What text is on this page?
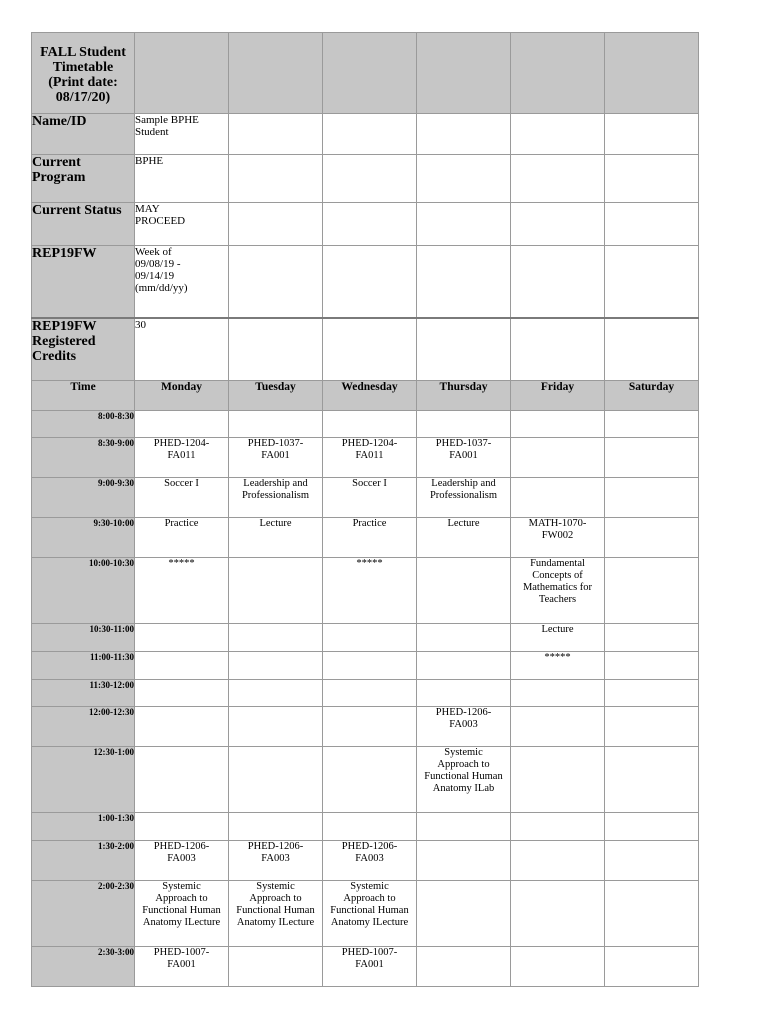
FALL Student
Timetable
(Print date:
08/17/20)						
Name/ID	Sample BPHE
Student					
Current
Program	BPHE					
Current Status	MAY
PROCEED					
REP19FW	Week of
09/08/19 -
09/14/19
(mm/dd/yy)					
REP19FW
Registered
Credits	30					
Time	Monday	Tuesday	Wednesday	Thursday	Friday	Saturday
8:00-8:30						
8:30-9:00	PHED-1204-
FA011	PHED-1037-
FA001	PHED-1204-
FA011	PHED-1037-
FA001		
9:00-9:30	Soccer I	Leadership and
Professionalism	Soccer I	Leadership and
Professionalism		
9:30-10:00	Practice	Lecture	Practice	Lecture	MATH-1070-
FW002	
10:00-10:30	*****		*****		Fundamental
Concepts of
Mathematics for
Teachers	
10:30-11:00					Lecture	
11:00-11:30					*****	
11:30-12:00						
12:00-12:30				PHED-1206-
FA003		
12:30-1:00				Systemic
Approach to
Functional Human
Anatomy ILab		
1:00-1:30						
1:30-2:00	PHED-1206-
FA003	PHED-1206-
FA003	PHED-1206-
FA003			
2:00-2:30	Systemic
Approach to
Functional Human
Anatomy ILecture	Systemic
Approach to
Functional Human
Anatomy ILecture	Systemic
Approach to
Functional Human
Anatomy ILecture			
2:30-3:00	PHED-1007-
FA001		PHED-1007-
FA001			
